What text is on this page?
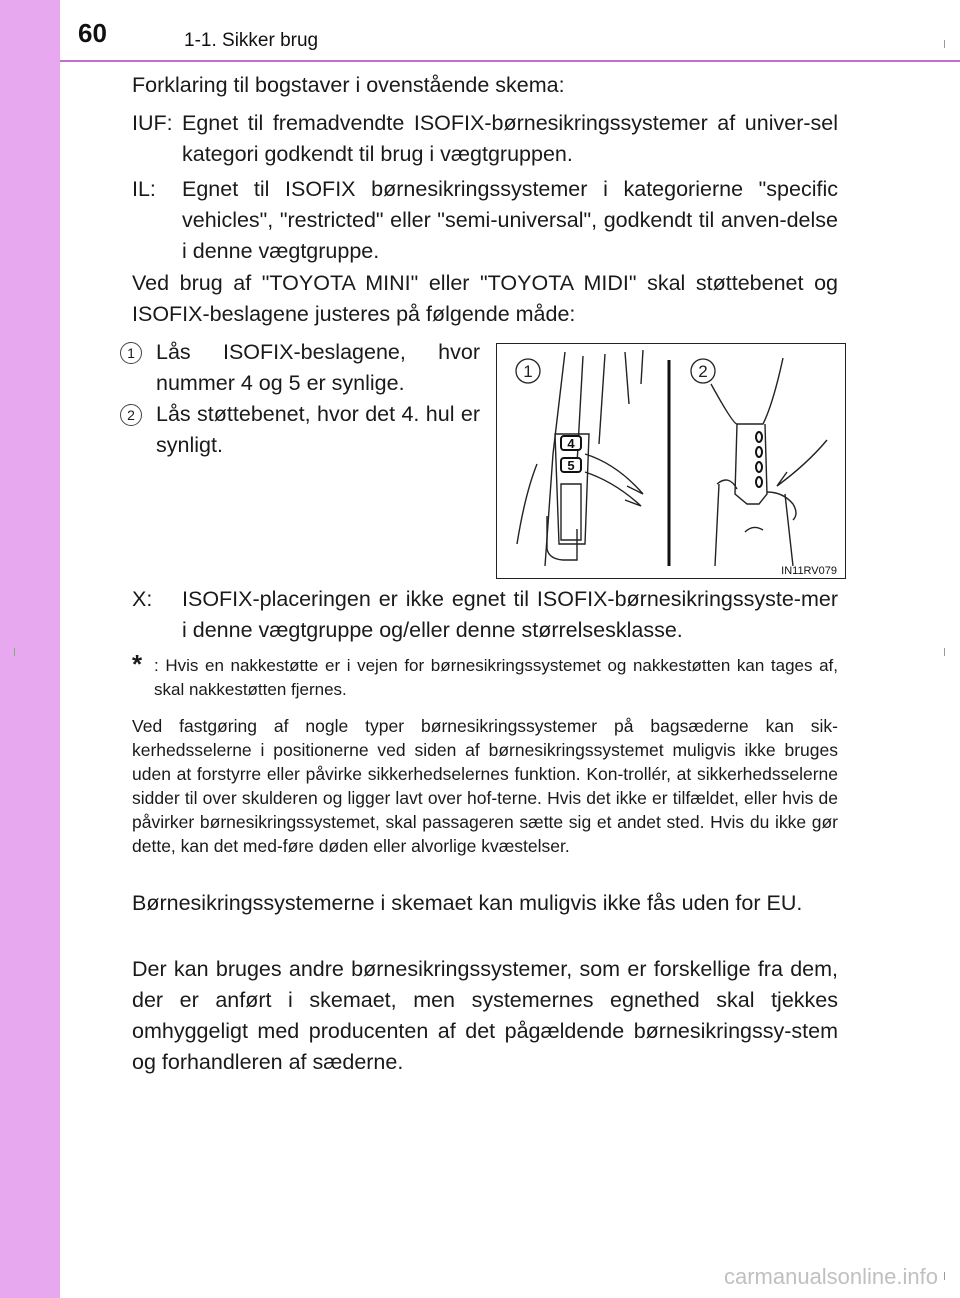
60	1-1. Sikker brug
Forklaring til bogstaver i ovenstående skema:
IUF: Egnet til fremadvendte ISOFIX-børnesikringssystemer af univer-sel kategori godkendt til brug i vægtgruppen.
IL: Egnet til ISOFIX børnesikringssystemer i kategorierne "specific vehicles", "restricted" eller "semi-universal", godkendt til anven-delse i denne vægtgruppe.
Ved brug af "TOYOTA MINI" eller "TOYOTA MIDI" skal støttebenet og ISOFIX-beslagene justeres på følgende måde:
1 Lås ISOFIX-beslagene, hvor nummer 4 og 5 er synlige.
2 Lås støttebenet, hvor det 4. hul er synligt.
1	2
4
5
IN11RV079
X: ISOFIX-placeringen er ikke egnet til ISOFIX-børnesikringssyste-mer i denne vægtgruppe og/eller denne størrelsesklasse.
* : Hvis en nakkestøtte er i vejen for børnesikringssystemet og nakkestøtten kan tages af, skal nakkestøtten fjernes.
Ved fastgøring af nogle typer børnesikringssystemer på bagsæderne kan sik-kerhedsselerne i positionerne ved siden af børnesikringssystemet muligvis ikke bruges uden at forstyrre eller påvirke sikkerhedselernes funktion. Kon-trollér, at sikkerhedsselerne sidder til over skulderen og ligger lavt over hof-terne. Hvis det ikke er tilfældet, eller hvis de påvirker børnesikringssystemet, skal passageren sætte sig et andet sted. Hvis du ikke gør dette, kan det med-føre døden eller alvorlige kvæstelser.
Børnesikringssystemerne i skemaet kan muligvis ikke fås uden for EU.
Der kan bruges andre børnesikringssystemer, som er forskellige fra dem, der er anført i skemaet, men systemernes egnethed skal tjekkes omhyggeligt med producenten af det pågældende børnesikringssy-stem og forhandleren af sæderne.
carmanualsonline.info
